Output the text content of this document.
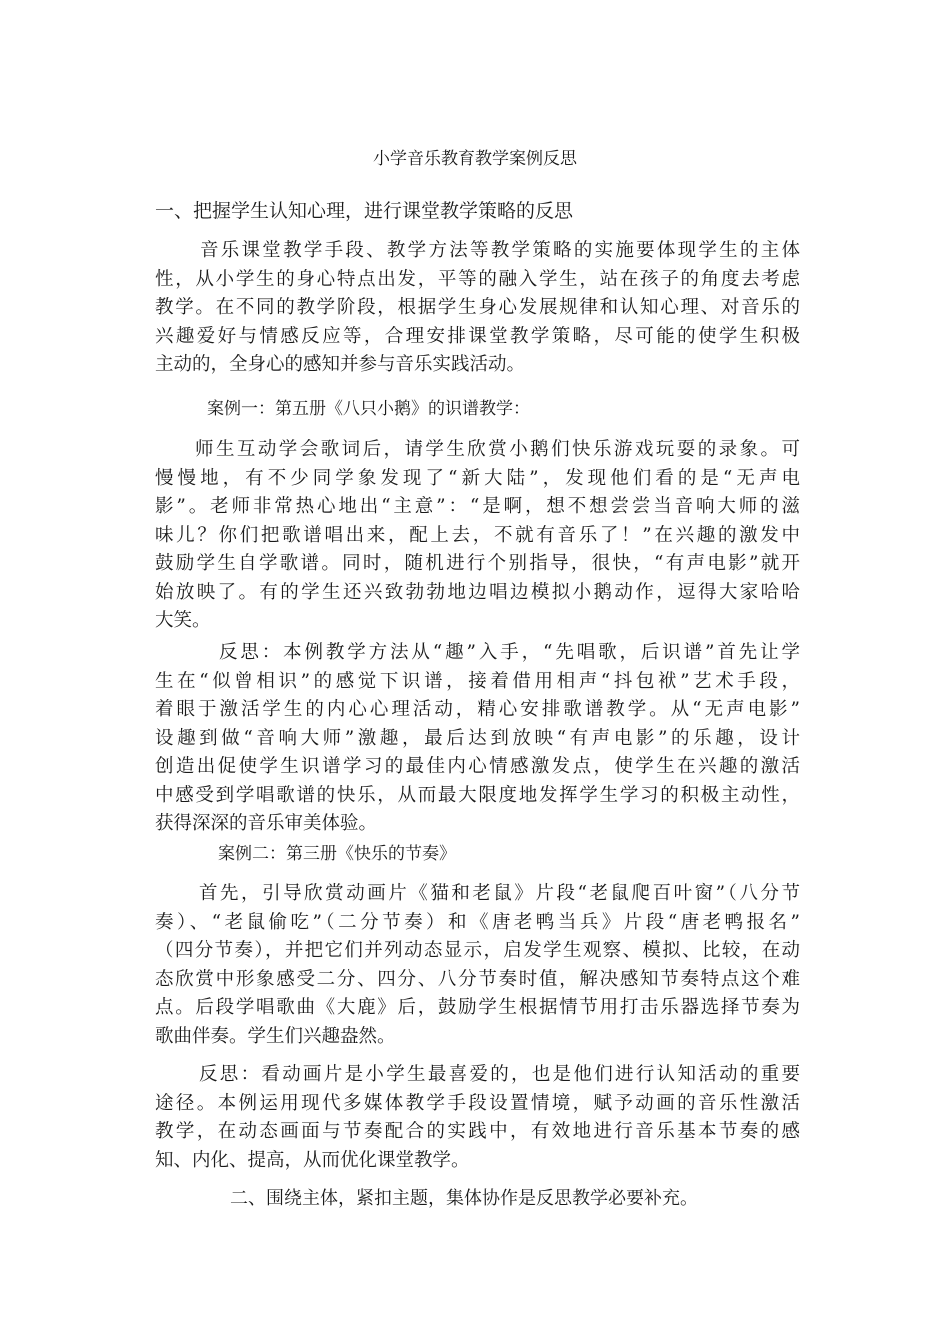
小学音乐教育教学案例反思
一、把握学生认知心理，进行课堂教学策略的反思
音乐课堂教学手段、教学方法等教学策略的实施要体现学生的主体
性，从小学生的身心特点出发，平等的融入学生，站在孩子的角度去考虑
教学。在不同的教学阶段，根据学生身心发展规律和认知心理、对音乐的
兴趣爱好与情感反应等，合理安排课堂教学策略，尽可能的使学生积极
主动的，全身心的感知并参与音乐实践活动。
案例一：第五册《八只小鹅》的识谱教学：
师生互动学会歌词后，请学生欣赏小鹅们快乐游戏玩耍的录象。可
慢慢地，有不少同学象发现了“新大陆”，发现他们看的是“无声电
影”。老师非常热心地出“主意”：“是啊，想不想尝尝当音响大师的滋
味儿？你们把歌谱唱出来，配上去，不就有音乐了！”在兴趣的激发中
鼓励学生自学歌谱。同时，随机进行个别指导，很快，“有声电影”就开
始放映了。有的学生还兴致勃勃地边唱边模拟小鹅动作，逗得大家哈哈
大笑。
反思：本例教学方法从“趣”入手，“先唱歌，后识谱”首先让学
生在“似曾相识”的感觉下识谱，接着借用相声“抖包袱”艺术手段，
着眼于激活学生的内心心理活动，精心安排歌谱教学。从“无声电影”
设趣到做“音响大师”激趣，最后达到放映“有声电影”的乐趣，设计
创造出促使学生识谱学习的最佳内心情感激发点，使学生在兴趣的激活
中感受到学唱歌谱的快乐，从而最大限度地发挥学生学习的积极主动性，
获得深深的音乐审美体验。
案例二：第三册《快乐的节奏》
首先，引导欣赏动画片《猫和老鼠》片段“老鼠爬百叶窗”（八分节
奏）、“老鼠偷吃”（二分节奏）和《唐老鸭当兵》片段“唐老鸭报名”
（四分节奏），并把它们并列动态显示，启发学生观察、模拟、比较，在动
态欣赏中形象感受二分、四分、八分节奏时值，解决感知节奏特点这个难
点。后段学唱歌曲《大鹿》后，鼓励学生根据情节用打击乐器选择节奏为
歌曲伴奏。学生们兴趣盎然。
反思：看动画片是小学生最喜爱的，也是他们进行认知活动的重要
途径。本例运用现代多媒体教学手段设置情境，赋予动画的音乐性激活
教学，在动态画面与节奏配合的实践中，有效地进行音乐基本节奏的感
知、内化、提高，从而优化课堂教学。
二、围绕主体，紧扣主题，集体协作是反思教学必要补充。
